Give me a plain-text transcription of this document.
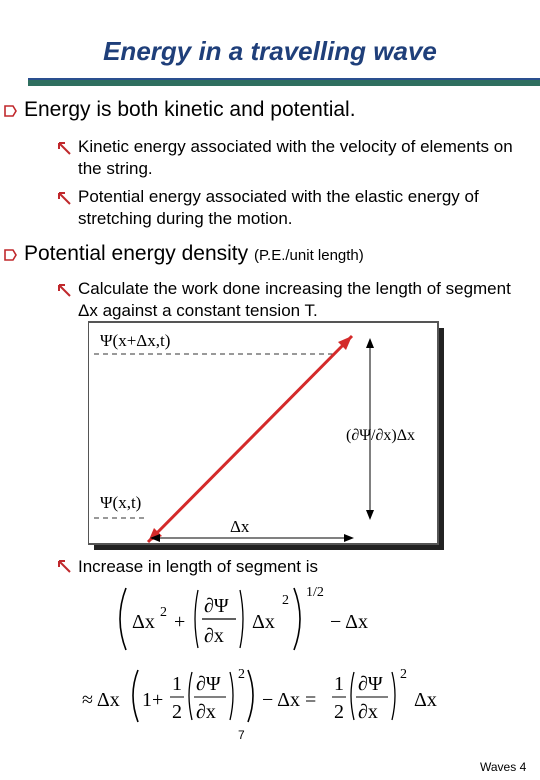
Energy in a travelling wave
Energy is both kinetic and potential.
Kinetic energy associated with the velocity of elements on the string.
Potential energy associated with the elastic energy of stretching during the motion.
Potential energy density (P.E./unit length)
Calculate the work done increasing the length of segment Δx against a constant tension T.
Ψ(x+Δx,t)
Ψ(x,t)
(∂Ψ/∂x)Δx
Δx
Increase in length of segment is
Δx 2 +
∂Ψ
∂x
Δx
2
1/2
− Δx
≈ Δx 1+
1
2
∂Ψ
∂x
2
− Δx =
1
2
∂Ψ
∂x
2
Δx
7
Waves 4
